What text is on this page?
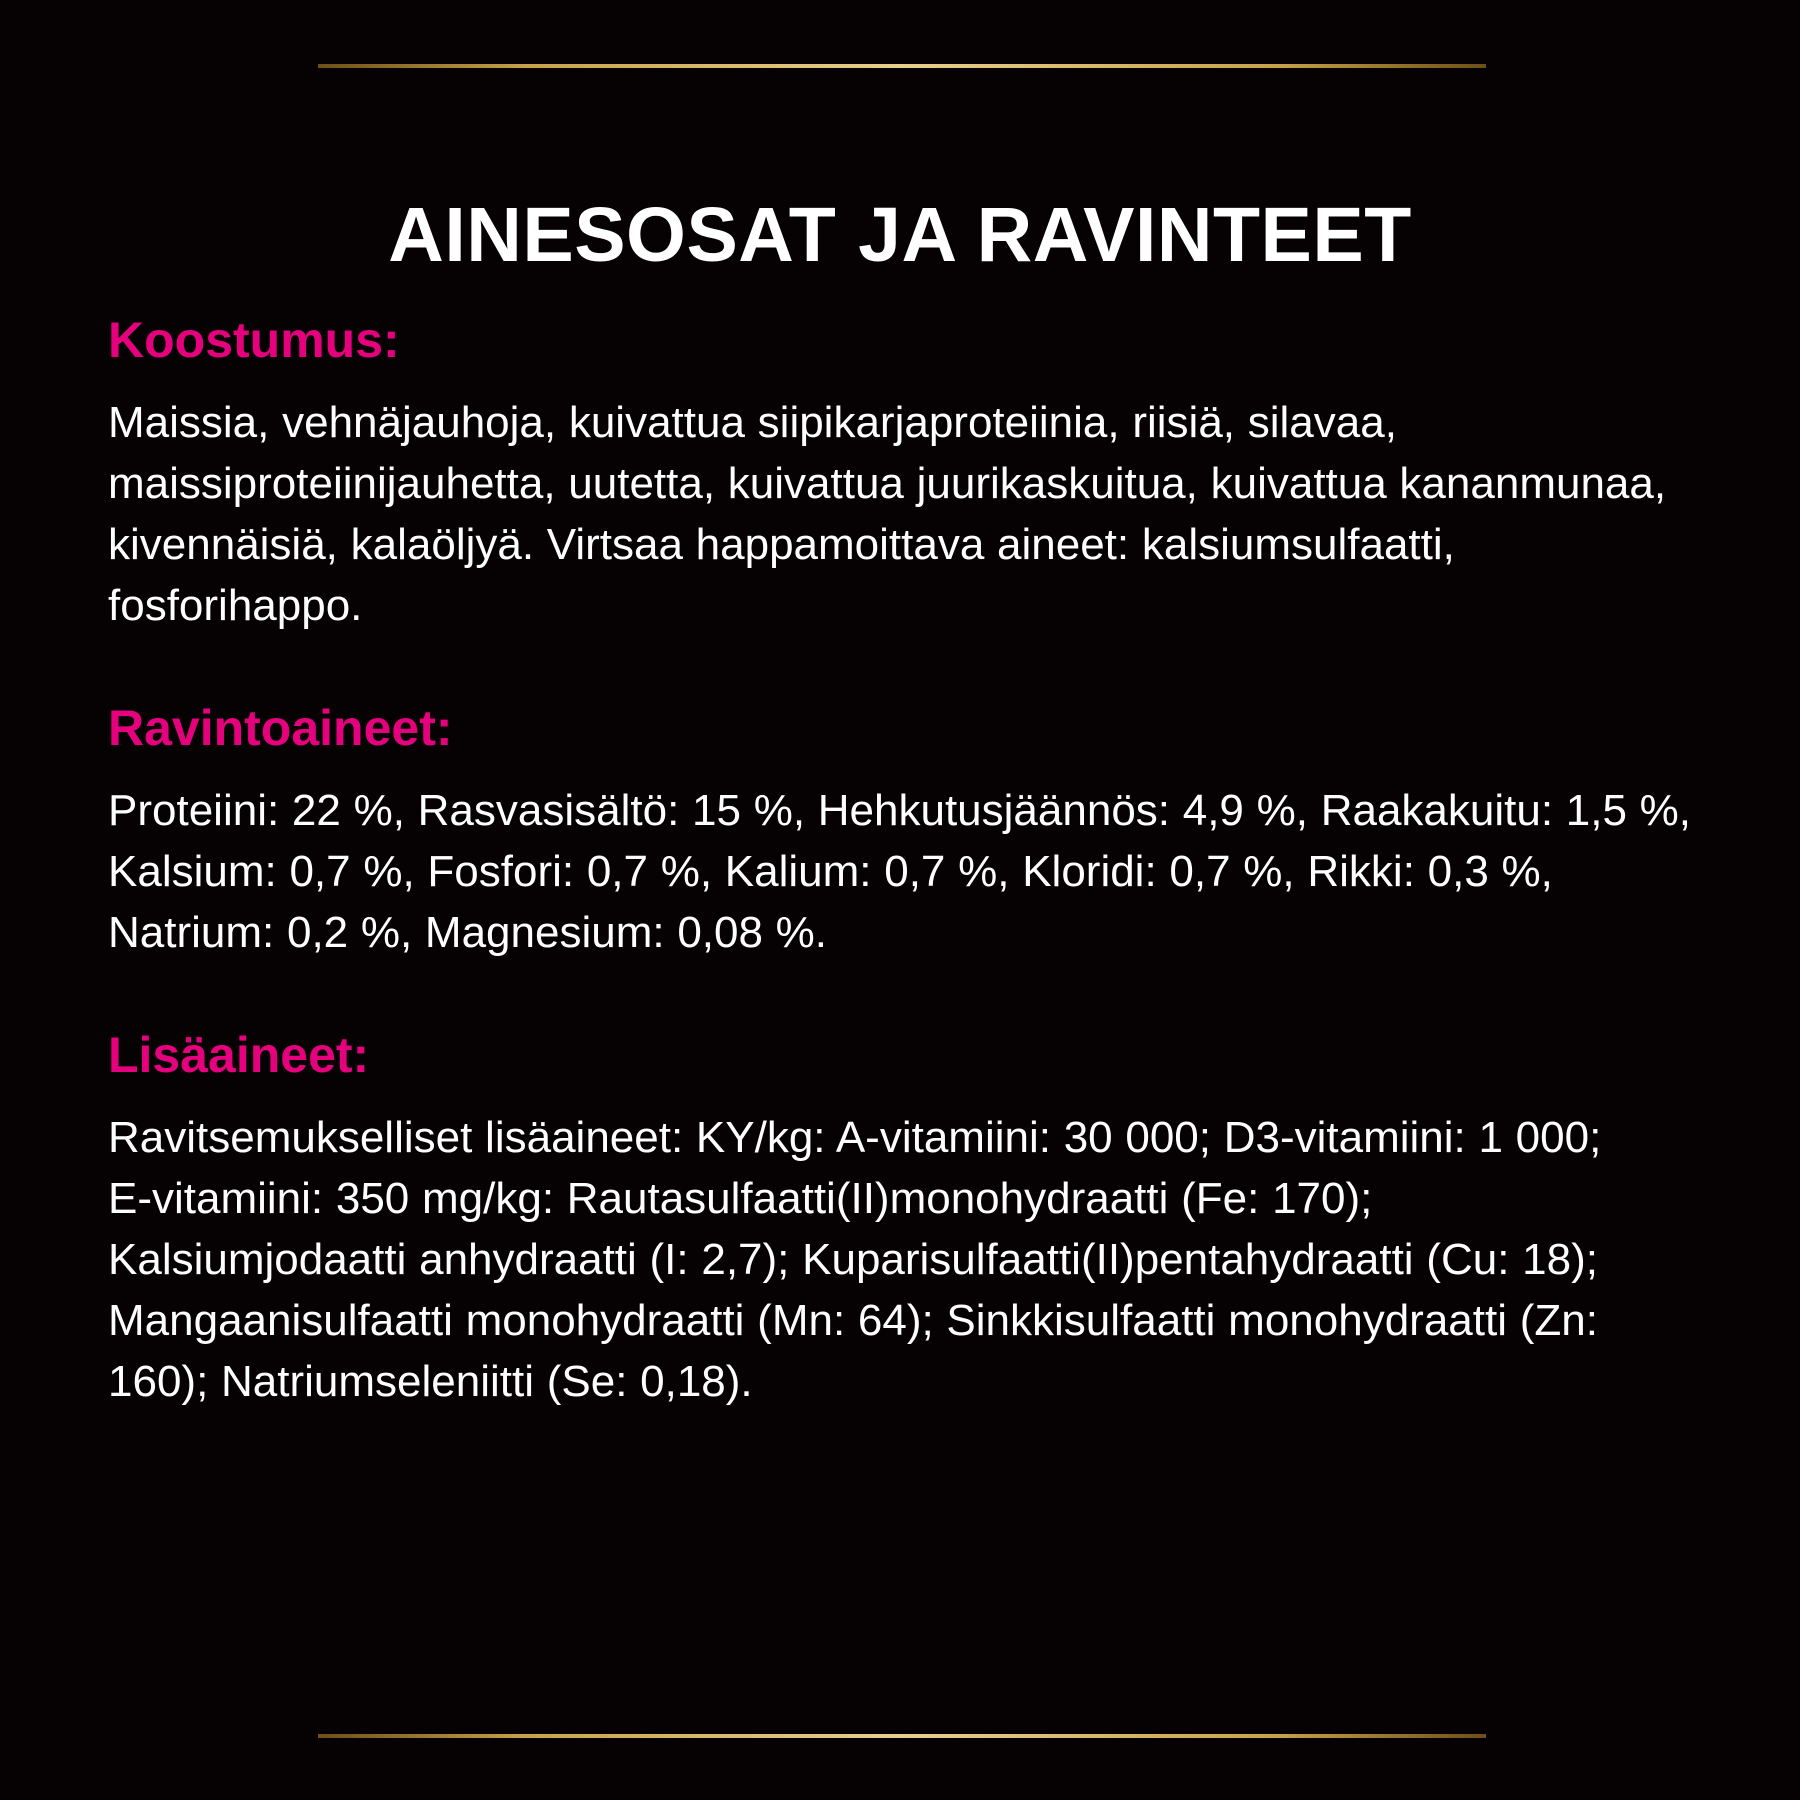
AINESOSAT JA RAVINTEET
Koostumus:

Maissia, vehnäjauhoja, kuivattua siipikarjaproteiinia, riisiä, silavaa, maissiproteiinijauhetta, uutetta, kuivattua juurikaskuitua, kuivattua kananmunaa, kivennäisiä, kalaöljyä. Virtsaa happamoittava aineet: kalsiumsulfaatti, fosforihappo.

Ravintoaineet:

Proteiini: 22 %, Rasvasisältö: 15 %, Hehkutusjäännös: 4,9 %, Raakakuitu: 1,5 %, Kalsium: 0,7 %, Fosfori: 0,7 %, Kalium: 0,7 %, Kloridi: 0,7 %, Rikki: 0,3 %, Natrium: 0,2 %, Magnesium: 0,08 %.

Lisäaineet:

Ravitsemukselliset lisäaineet: KY/kg: A-vitamiini: 30 000; D3-vitamiini: 1 000; E-vitamiini: 350 mg/kg: Rautasulfaatti(II)monohydraatti (Fe: 170); Kalsiumjodaatti anhydraatti (I: 2,7); Kuparisulfaatti(II)pentahydraatti (Cu: 18); Mangaanisulfaatti monohydraatti (Mn: 64); Sinkkisulfaatti monohydraatti (Zn: 160); Natriumseleniitti (Se: 0,18).
